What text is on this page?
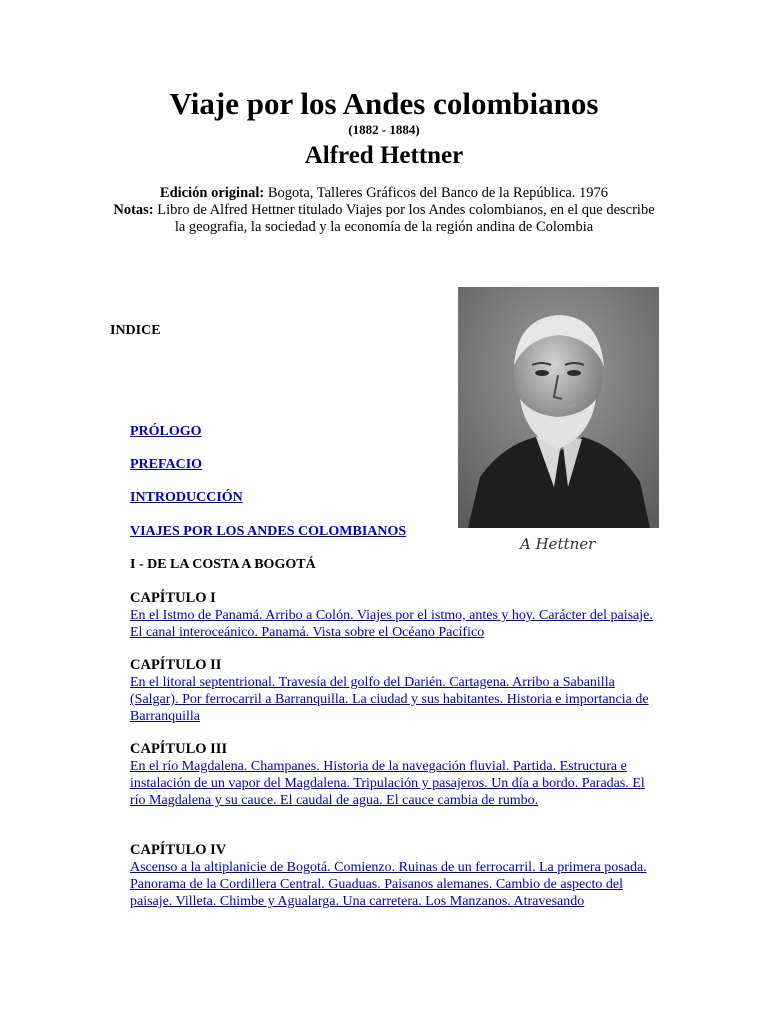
Viaje por los Andes colombianos
(1882 - 1884)
Alfred Hettner
Edición original: Bogota, Talleres Gráficos del Banco de la República. 1976
Notas: Libro de Alfred Hettner titulado Viajes por los Andes colombianos, en el que describe la geografia, la sociedad y la economía de la región andina de Colombia
INDICE
A Hettner
PRÓLOGO
PREFACIO
INTRODUCCIÓN
VIAJES POR LOS ANDES COLOMBIANOS
I - DE LA COSTA A BOGOTÁ
CAPÍTULO I
En el Istmo de Panamá. Arribo a Colón. Viajes por el istmo, antes y hoy. Carácter del paisaje. El canal interoceánico. Panamá. Vista sobre el Océano Pacífico
CAPÍTULO II
En el litoral septentrional. Travesía del golfo del Darién. Cartagena. Arribo a Sabanilla (Salgar). Por ferrocarril a Barranquilla. La ciudad y sus habitantes. Historia e importancia de Barranquilla
CAPÍTULO III
En el río Magdalena. Champanes. Historia de la navegación fluvial. Partida. Estructura e instalación de un vapor del Magdalena. Tripulación y pasajeros. Un día a bordo. Paradas. El río Magdalena y su cauce. El caudal de agua. El cauce cambia de rumbo.
CAPÍTULO IV
Ascenso a la altiplanicie de Bogotá. Comienzo. Ruinas de un ferrocarril. La primera posada. Panorama de la Cordillera Central. Guaduas. Paisanos alemanes. Cambio de aspecto del paisaje. Villeta. Chimbe y Agualarga. Una carretera. Los Manzanos. Atravesando
